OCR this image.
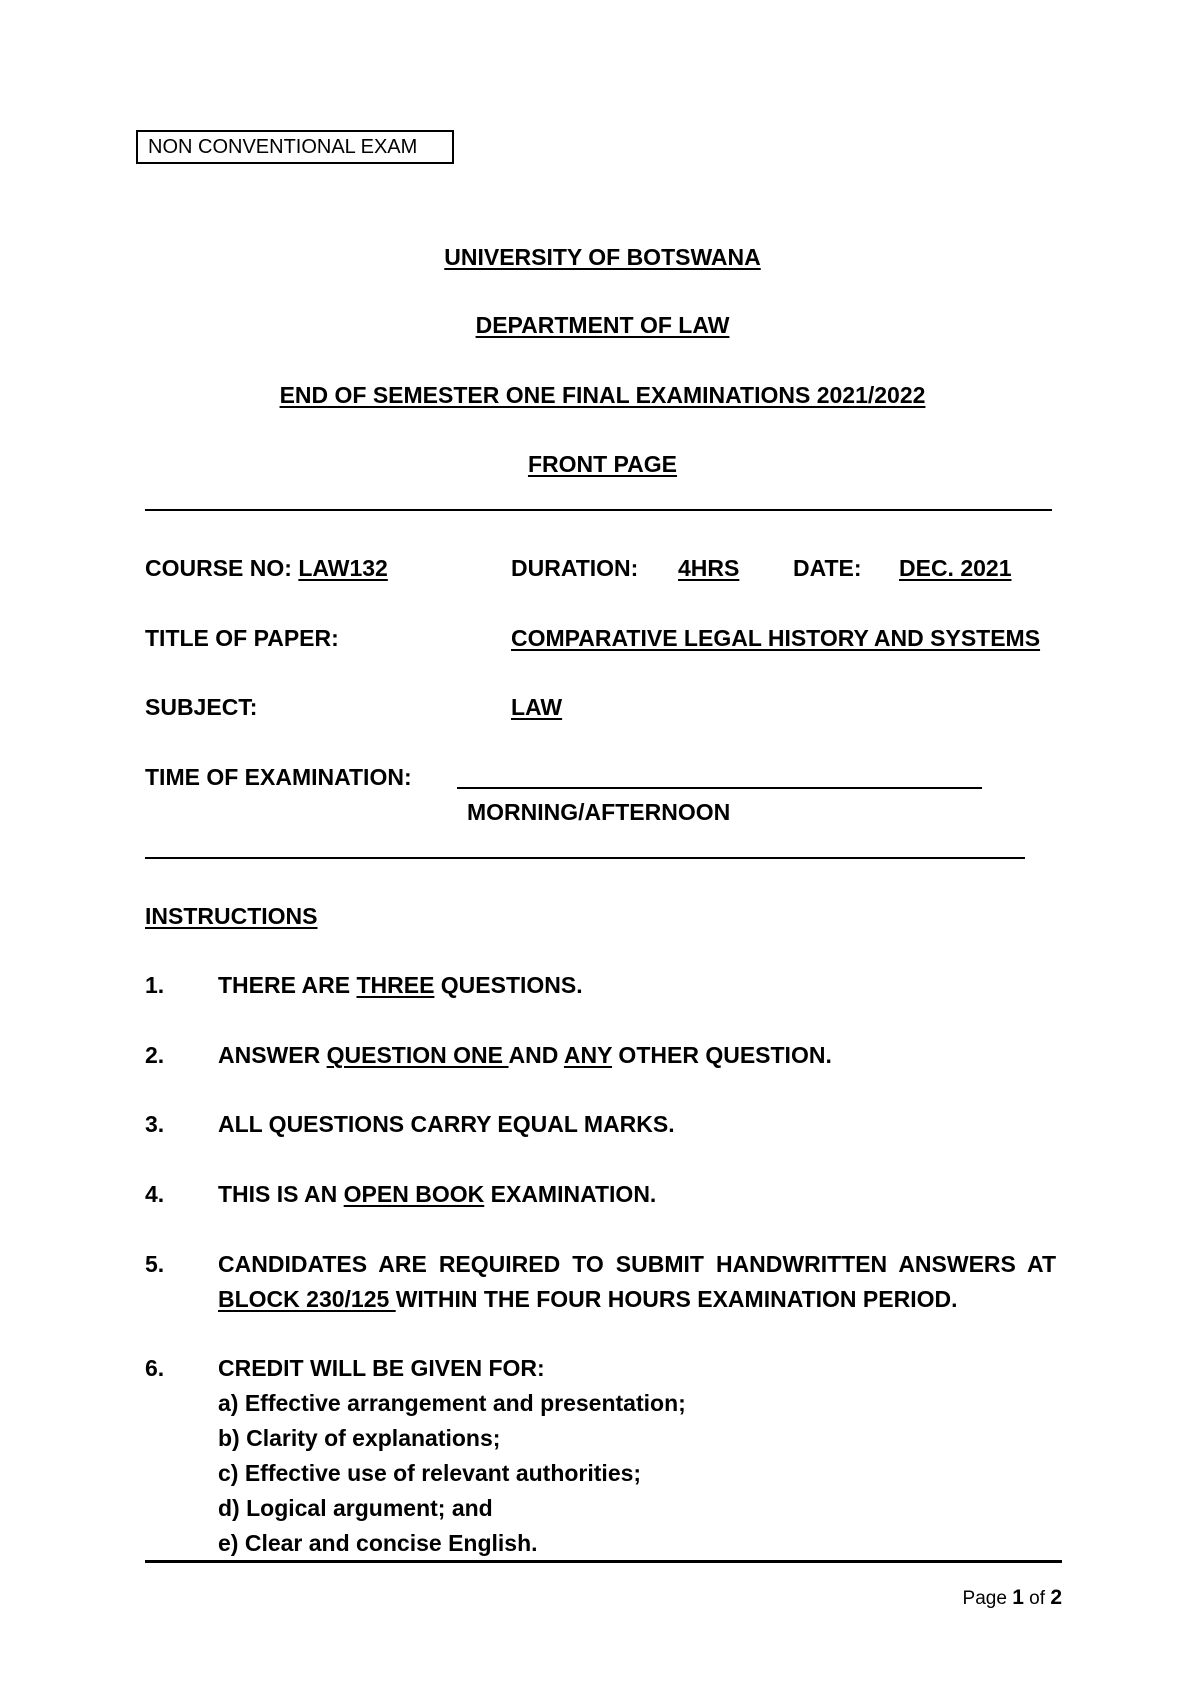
NON CONVENTIONAL EXAM
UNIVERSITY OF BOTSWANA
DEPARTMENT OF LAW
END OF SEMESTER ONE FINAL EXAMINATIONS 2021/2022
FRONT PAGE
COURSE NO: LAW132	DURATION: 4HRS DATE: DEC. 2021
TITLE OF PAPER:	COMPARATIVE LEGAL HISTORY AND SYSTEMS
SUBJECT:	LAW
TIME OF EXAMINATION:
MORNING/AFTERNOON
INSTRUCTIONS
1. THERE ARE THREE QUESTIONS.
2. ANSWER QUESTION ONE AND ANY OTHER QUESTION.
3. ALL QUESTIONS CARRY EQUAL MARKS.
4. THIS IS AN OPEN BOOK EXAMINATION.
5. CANDIDATES ARE REQUIRED TO SUBMIT HANDWRITTEN ANSWERS AT
BLOCK 230/125 WITHIN THE FOUR HOURS EXAMINATION PERIOD.
6. CREDIT WILL BE GIVEN FOR:
a) Effective arrangement and presentation;
b) Clarity of explanations;
c) Effective use of relevant authorities;
d) Logical argument; and
e) Clear and concise English.
Page 1 of 2
